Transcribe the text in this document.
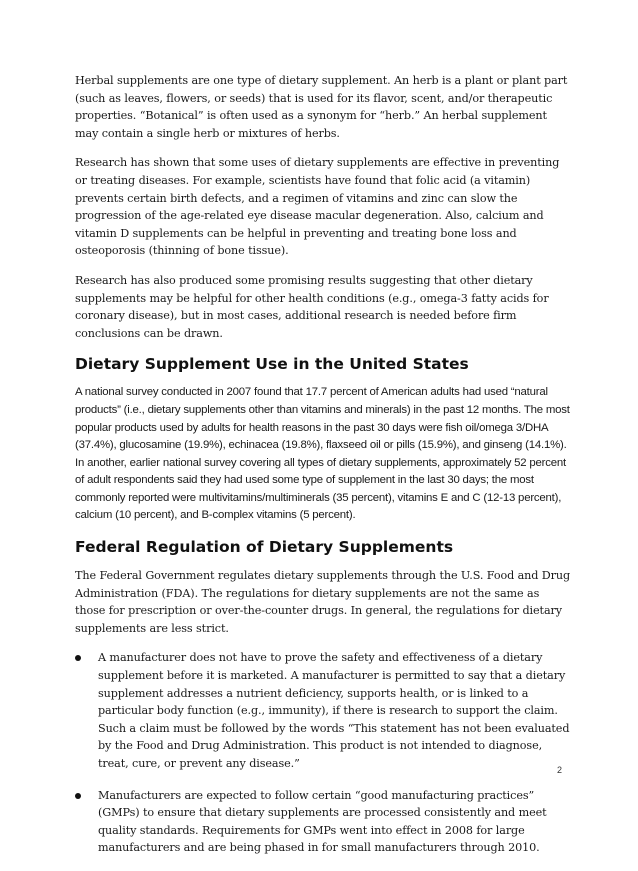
Herbal supplements are one type of dietary supplement. An herb is a plant or plant part (such as leaves, flowers, or seeds) that is used for its flavor, scent, and/or therapeutic properties. “Botanical” is often used as a synonym for “herb.” An herbal supplement may contain a single herb or mixtures of herbs.

Research has shown that some uses of dietary supplements are effective in preventing or treating diseases. For example, scientists have found that folic acid (a vitamin) prevents certain birth defects, and a regimen of vitamins and zinc can slow the progression of the age-related eye disease macular degeneration. Also, calcium and vitamin D supplements can be helpful in preventing and treating bone loss and osteoporosis (thinning of bone tissue).

Research has also produced some promising results suggesting that other dietary supplements may be helpful for other health conditions (e.g., omega-3 fatty acids for coronary disease), but in most cases, additional research is needed before firm conclusions can be drawn.

Dietary Supplement Use in the United States

A national survey conducted in 2007 found that 17.7 percent of American adults had used “natural products” (i.e., dietary supplements other than vitamins and minerals) in the past 12 months. The most popular products used by adults for health reasons in the past 30 days were fish oil/omega 3/DHA (37.4%), glucosamine (19.9%), echinacea (19.8%), flaxseed oil or pills (15.9%), and ginseng (14.1%). In another, earlier national survey covering all types of dietary supplements, approximately 52 percent of adult respondents said they had used some type of supplement in the last 30 days; the most commonly reported were multivitamins/multiminerals (35 percent), vitamins E and C (12-13 percent), calcium (10 percent), and B-complex vitamins (5 percent).

Federal Regulation of Dietary Supplements

The Federal Government regulates dietary supplements through the U.S. Food and Drug Administration (FDA). The regulations for dietary supplements are not the same as those for prescription or over-the-counter drugs. In general, the regulations for dietary supplements are less strict.

A manufacturer does not have to prove the safety and effectiveness of a dietary supplement before it is marketed. A manufacturer is permitted to say that a dietary supplement addresses a nutrient deficiency, supports health, or is linked to a particular body function (e.g., immunity), if there is research to support the claim. Such a claim must be followed by the words “This statement has not been evaluated by the Food and Drug Administration. This product is not intended to diagnose, treat, cure, or prevent any disease.”
Manufacturers are expected to follow certain “good manufacturing practices” (GMPs) to ensure that dietary supplements are processed consistently and meet quality standards. Requirements for GMPs went into effect in 2008 for large manufacturers and are being phased in for small manufacturers through 2010.
2
